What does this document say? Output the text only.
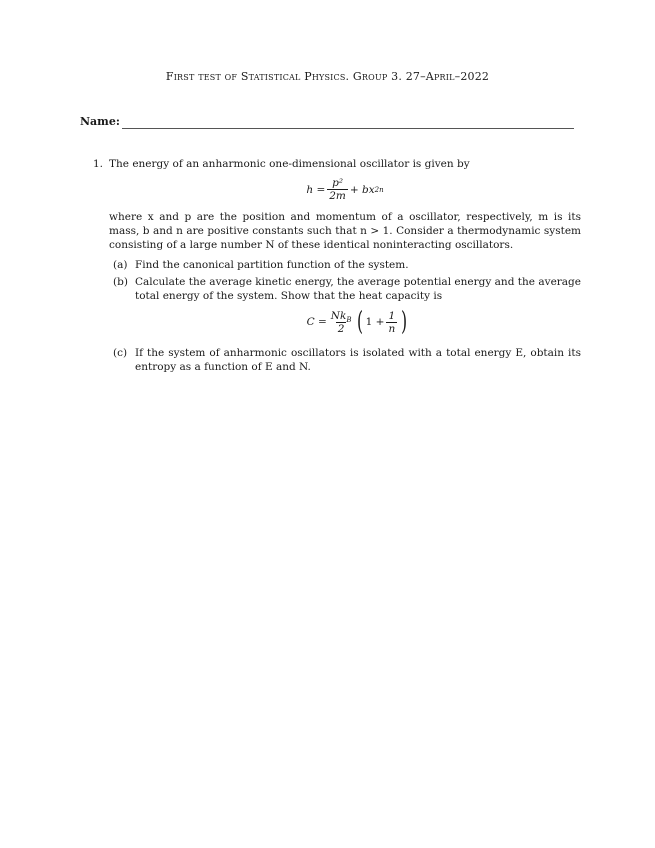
First test of Statistical Physics. Group 3. 27–April–2022
Name:
1. The energy of an anharmonic one-dimensional oscillator is given by

$h = \frac{\text{p²}}{2m}$ + bx 2n

where x and p are the position and momentum of a oscillator, respectively, m is its mass, b and n are positive constants such that n > 1. Consider a thermodynamic system consisting of a large number N of these identical noninteracting oscillators.

(a) Find the canonical partition function of the system.
(b) Calculate the average kinetic energy, the average potential energy and the average total energy of the system. Show that the heat capacity is
$C = \frac{Nk_B}{2}$ ( $1 + \frac{1}{n}$ )
(c) If the system of anharmonic oscillators is isolated with a total energy E, obtain its entropy as a function of E and N.
